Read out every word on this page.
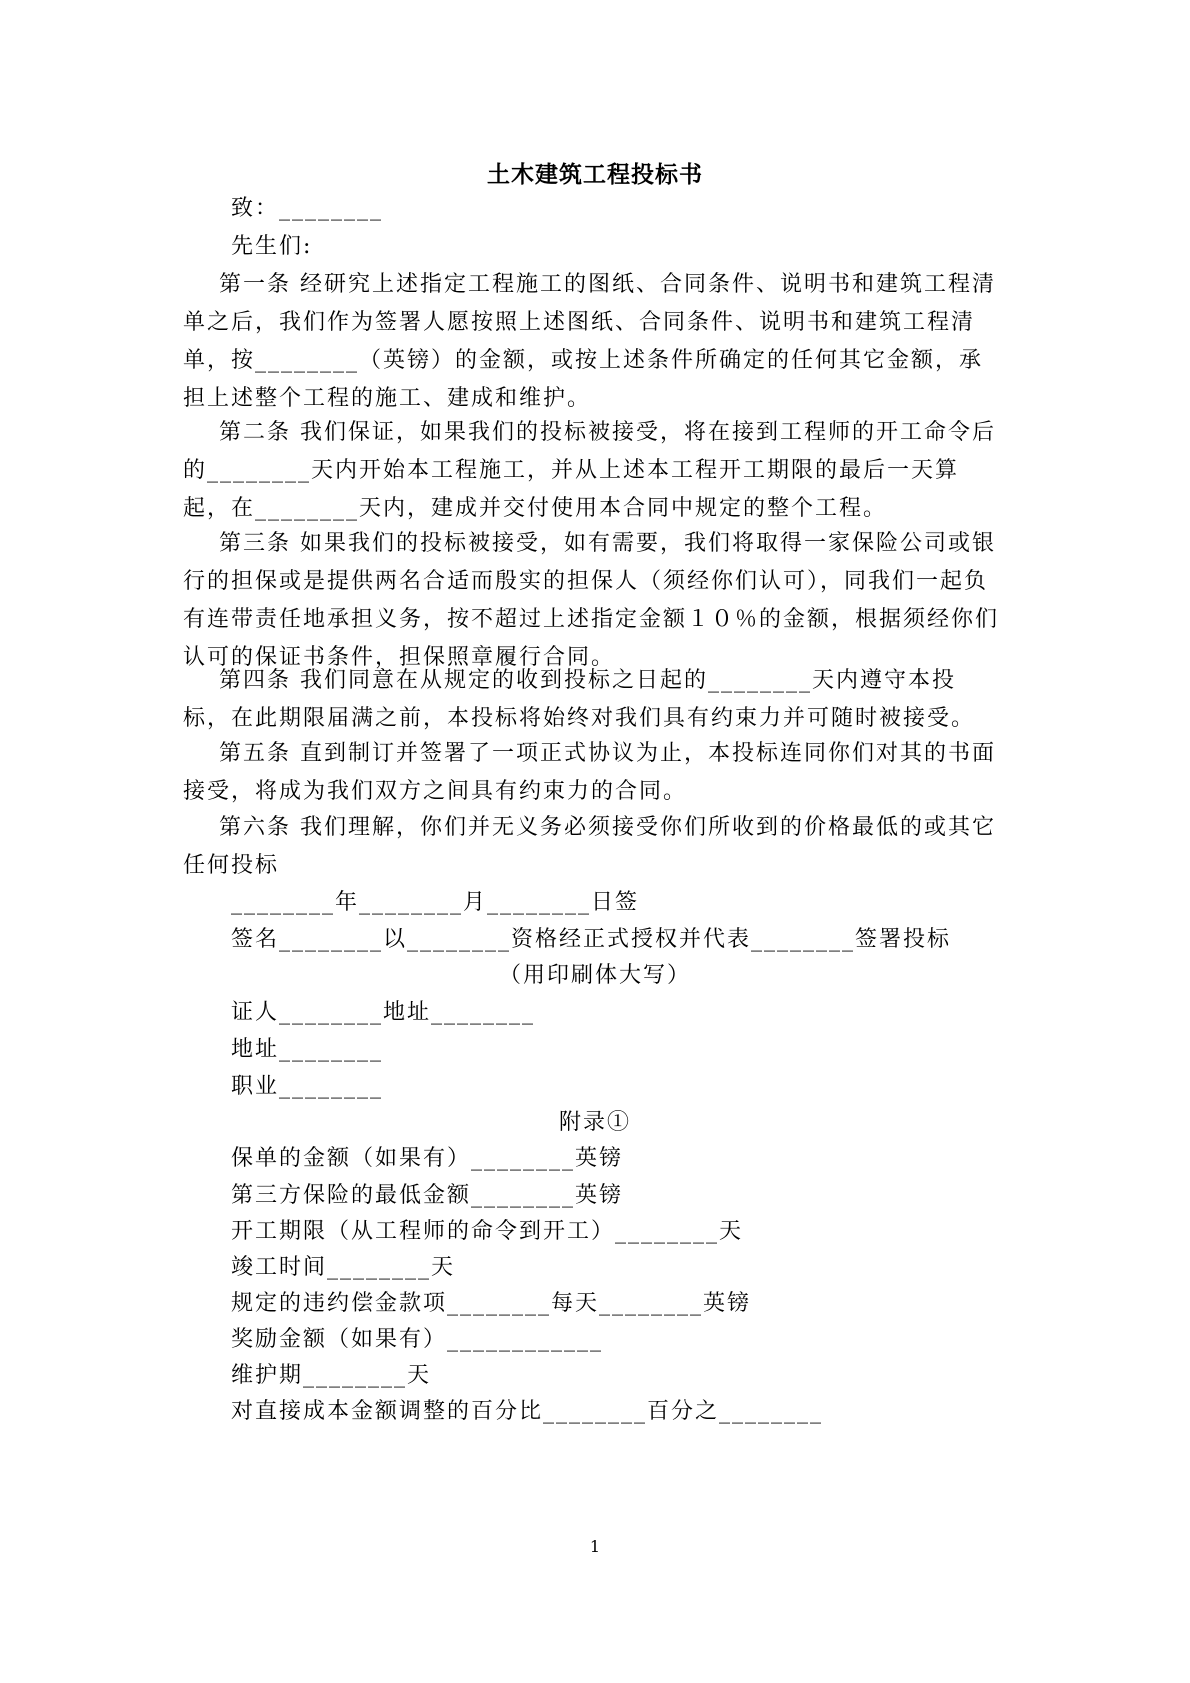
土木建筑工程投标书

致：________

先生们:

第一条 经研究上述指定工程施工的图纸、合同条件、说明书和建筑工程清单之后，我们作为签署人愿按照上述图纸、合同条件、说明书和建筑工程清单，按________（英镑）的金额，或按上述条件所确定的任何其它金额，承担上述整个工程的施工、建成和维护。

第二条 我们保证，如果我们的投标被接受，将在接到工程师的开工命令后的________天内开始本工程施工，并从上述本工程开工期限的最后一天算起，在________天内，建成并交付使用本合同中规定的整个工程。

第三条 如果我们的投标被接受，如有需要，我们将取得一家保险公司或银行的担保或是提供两名合适而殷实的担保人（须经你们认可），同我们一起负有连带责任地承担义务，按不超过上述指定金额１０％的金额，根据须经你们认可的保证书条件，担保照章履行合同。

第四条 我们同意在从规定的收到投标之日起的________天内遵守本投标，在此期限届满之前，本投标将始终对我们具有约束力并可随时被接受。

第五条 直到制订并签署了一项正式协议为止，本投标连同你们对其的书面接受，将成为我们双方之间具有约束力的合同。

第六条 我们理解，你们并无义务必须接受你们所收到的价格最低的或其它任何投标

________年________月________日签

签名________以________资格经正式授权并代表________签署投标

（用印刷体大写）

证人________地址________

地址________

职业________

附录①

保单的金额（如果有）________英镑

第三方保险的最低金额________英镑

开工期限（从工程师的命令到开工）________天

竣工时间________天

规定的违约偿金款项________每天________英镑

奖励金额（如果有）____________

维护期________天

对直接成本金额调整的百分比________百分之________

1
